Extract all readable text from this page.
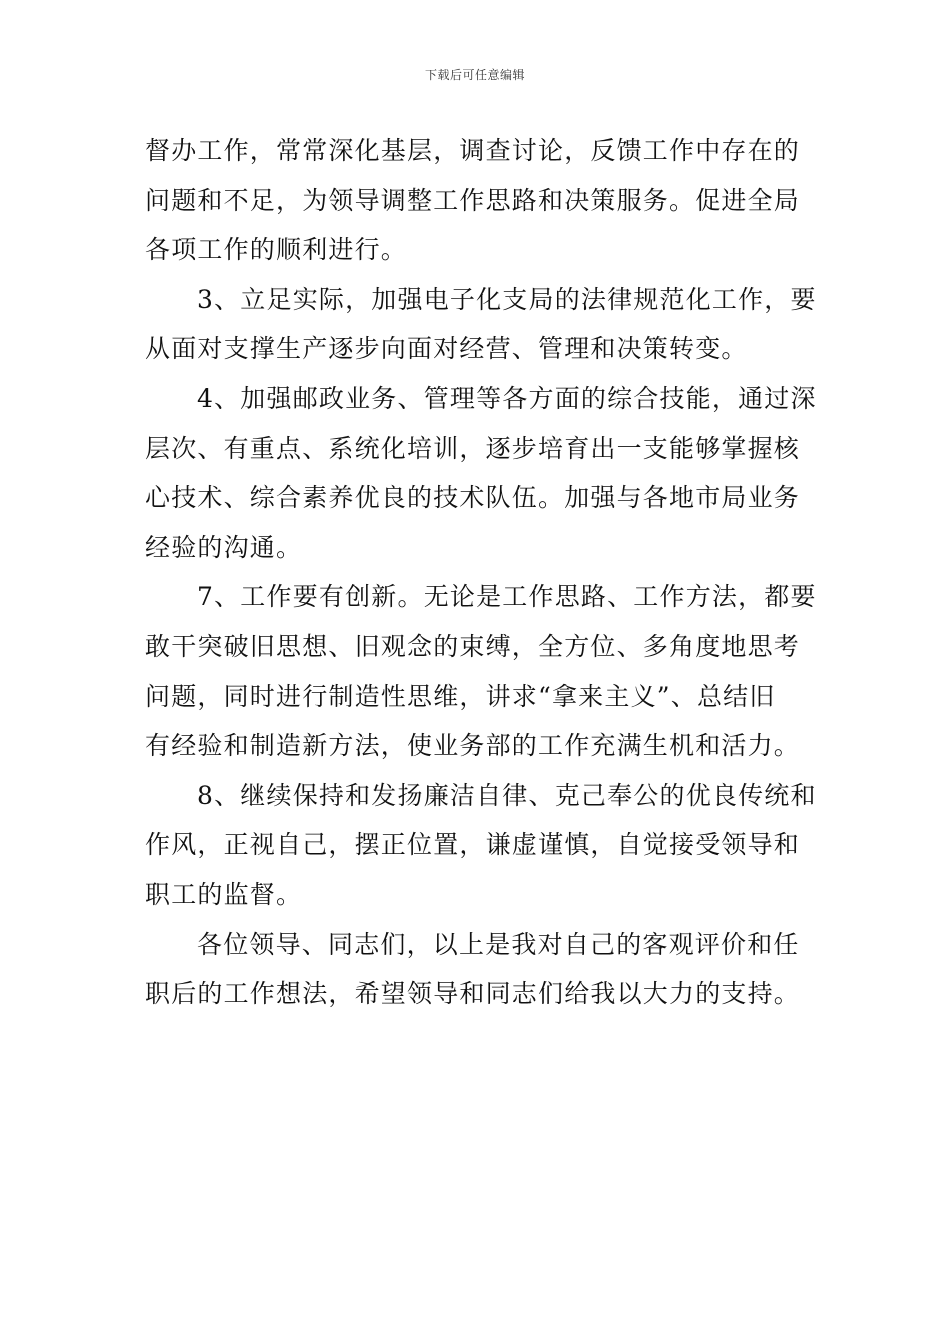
下载后可任意编辑
督办工作，常常深化基层，调查讨论，反馈工作中存在的
问题和不足，为领导调整工作思路和决策服务。促进全局
各项工作的顺利进行。
3、立足实际，加强电子化支局的法律规范化工作，要
从面对支撑生产逐步向面对经营、管理和决策转变。
4、加强邮政业务、管理等各方面的综合技能，通过深
层次、有重点、系统化培训，逐步培育出一支能够掌握核
心技术、综合素养优良的技术队伍。加强与各地市局业务
经验的沟通。
7、工作要有创新。无论是工作思路、工作方法，都要
敢干突破旧思想、旧观念的束缚，全方位、多角度地思考
问题，同时进行制造性思维，讲求“拿来主义”、总结旧
有经验和制造新方法，使业务部的工作充满生机和活力。
8、继续保持和发扬廉洁自律、克己奉公的优良传统和
作风，正视自己，摆正位置，谦虚谨慎，自觉接受领导和
职工的监督。
各位领导、同志们，以上是我对自己的客观评价和任
职后的工作想法，希望领导和同志们给我以大力的支持。
